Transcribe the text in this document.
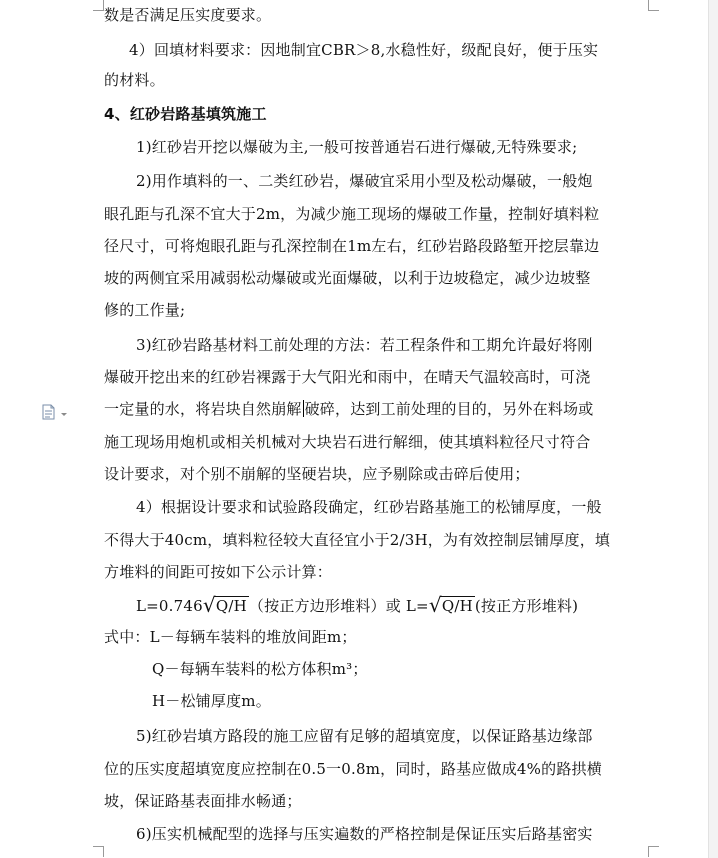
数是否满足压实度要求。
4）回填材料要求：因地制宜CBR＞8,水稳性好，级配良好，便于压实
的材料。
4、红砂岩路基填筑施工
1)红砂岩开挖以爆破为主,一般可按普通岩石进行爆破,无特殊要求;
2)用作填料的一、二类红砂岩，爆破宜采用小型及松动爆破，一般炮
眼孔距与孔深不宜大于2m，为减少施工现场的爆破工作量，控制好填料粒
径尺寸，可将炮眼孔距与孔深控制在1m左右，红砂岩路段路堑开挖层靠边
坡的两侧宜采用减弱松动爆破或光面爆破，以利于边坡稳定，减少边坡整
修的工作量;
3)红砂岩路基材料工前处理的方法：若工程条件和工期允许最好将刚
爆破开挖出来的红砂岩裸露于大气阳光和雨中，在晴天气温较高时，可浇
一定量的水，将岩块自然崩解 破碎，达到工前处理的目的，另外在料场或
施工现场用炮机或相关机械对大块岩石进行解细，使其填料粒径尺寸符合
设计要求，对个别不崩解的坚硬岩块，应予剔除或击碎后使用；
4）根据设计要求和试验路段确定，红砂岩路基施工的松铺厚度，一般
不得大于40cm，填料粒径较大直径宜小于2/3H，为有效控制层铺厚度，填
方堆料的间距可按如下公示计算：
L=0.746 √ Q/H （按正方边形堆料）或 L= √ Q/H (按正方形堆料)
式中：L－每辆车装料的堆放间距m；
Q－每辆车装料的松方体积m³；
H－松铺厚度m。
5)红砂岩填方路段的施工应留有足够的超填宽度，以保证路基边缘部
位的压实度超填宽度应控制在0.5一0.8m，同时，路基应做成4%的路拱横
坡，保证路基表面排水畅通；
6)压实机械配型的选择与压实遍数的严格控制是保证压实后路基密实
